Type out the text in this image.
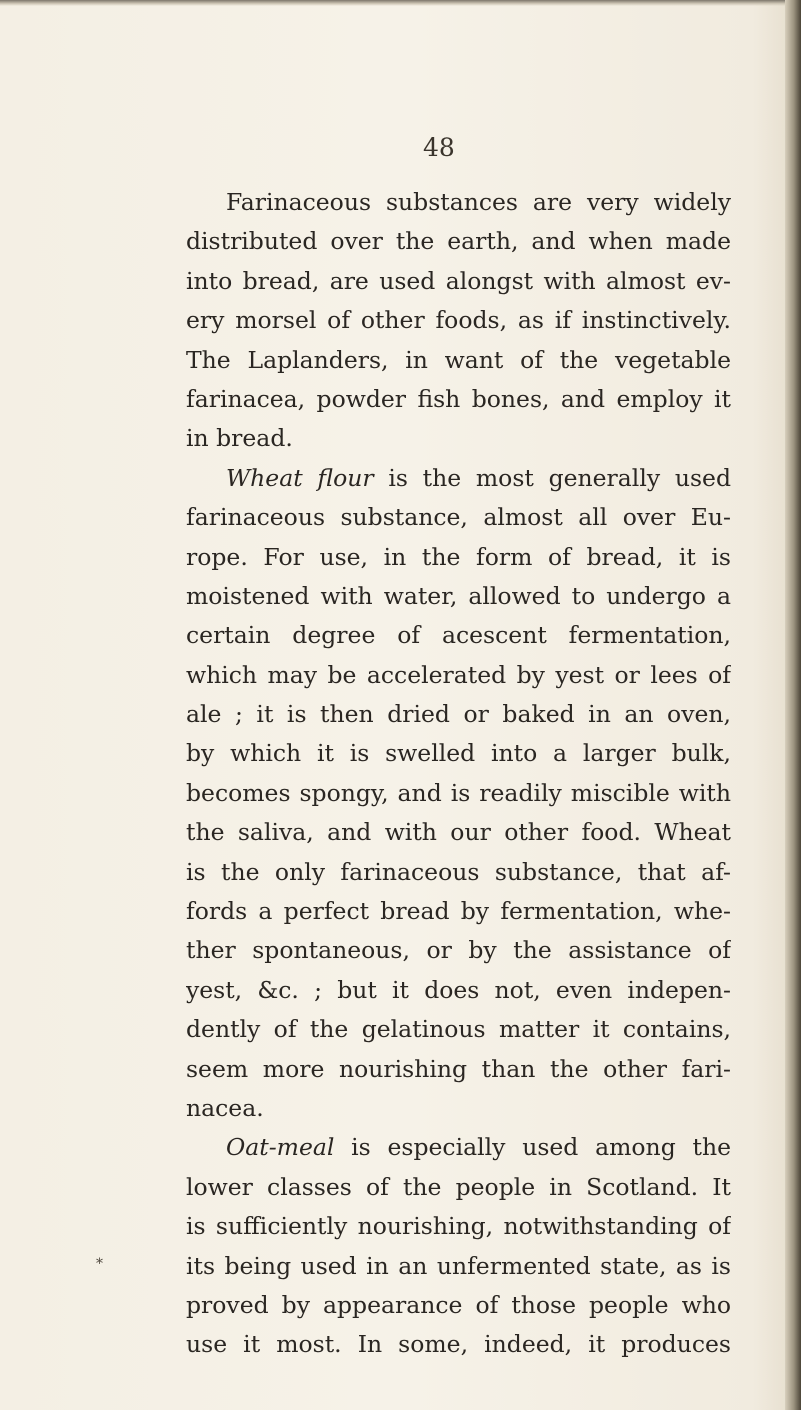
48
Farinaceous substances are very widely
distributed over the earth, and when made
into bread, are used alongst with almost ev-
ery morsel of other foods, as if instinctively.
The Laplanders, in want of the vegetable
farinacea, powder fish bones, and employ it
in bread.
Wheat flour is the most generally used
farinaceous substance, almost all over Eu-
rope. For use, in the form of bread, it is
moistened with water, allowed to undergo a
certain degree of acescent fermentation,
which may be accelerated by yest or lees of
ale ; it is then dried or baked in an oven,
by which it is swelled into a larger bulk,
becomes spongy, and is readily miscible with
the saliva, and with our other food. Wheat
is the only farinaceous substance, that af-
fords a perfect bread by fermentation, whe-
ther spontaneous, or by the assistance of
yest, &c. ; but it does not, even indepen-
dently of the gelatinous matter it contains,
seem more nourishing than the other fari-
nacea.
Oat-meal is especially used among the
lower classes of the people in Scotland. It
is sufficiently nourishing, notwithstanding of
its being used in an unfermented state, as is
proved by appearance of those people who
use it most. In some, indeed, it produces
*
